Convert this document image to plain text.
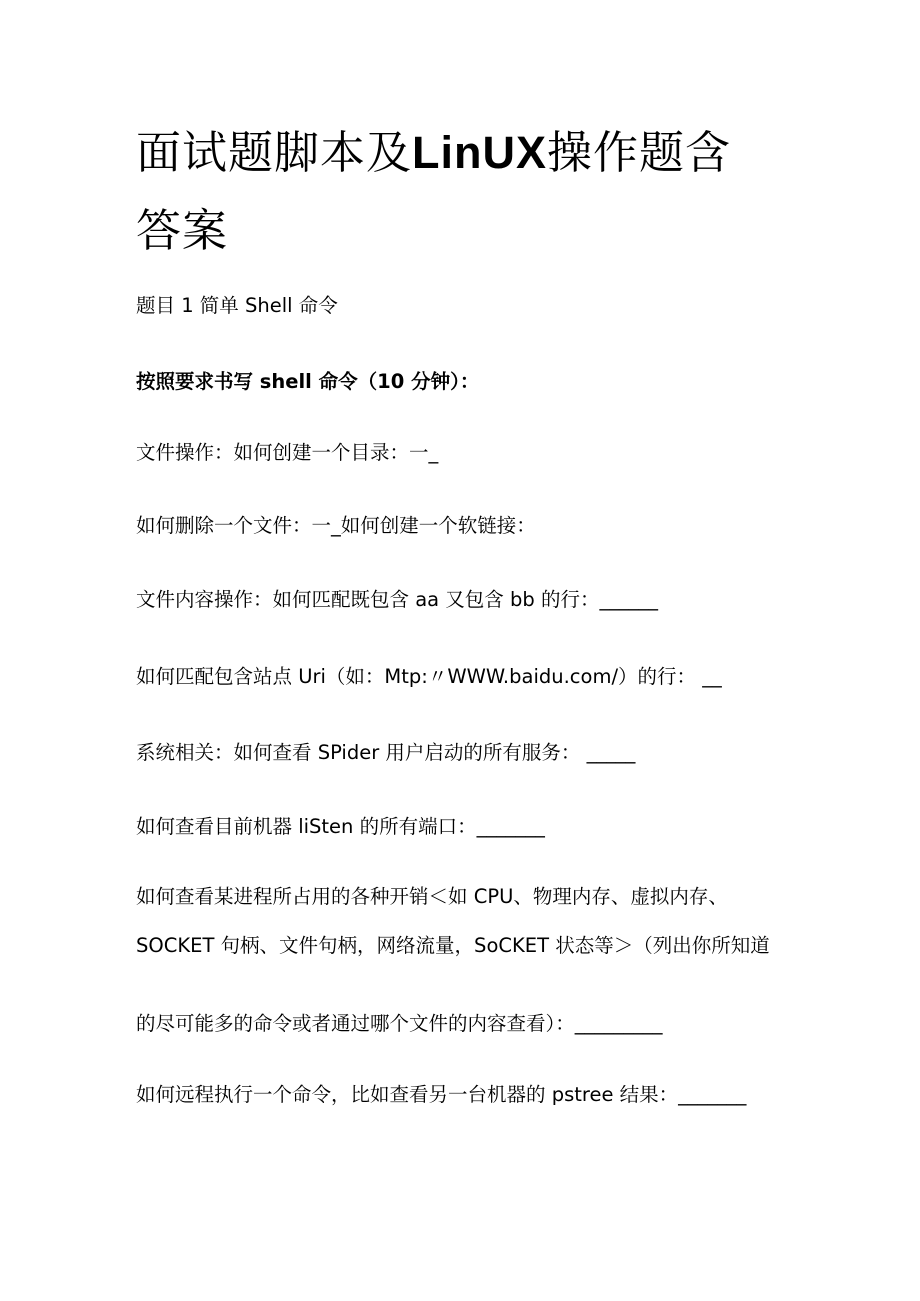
面试题脚本及LinUX操作题含答案
题目 1 简单 Shell 命令
按照要求书写 shell 命令（10 分钟）：
文件操作：如何创建一个目录：一_
如何删除一个文件：一_如何创建一个软链接：
文件内容操作：如何匹配既包含 aa 又包含 bb 的行：______
如何匹配包含站点 Uri（如：Mtp:〃WWW.baidu.com/）的行： __
系统相关：如何查看 SPider 用户启动的所有服务： _____
如何查看目前机器 liSten 的所有端口：_______
如何查看某进程所占用的各种开销＜如 CPU、物理内存、虚拟内存、
SOCKET 句柄、文件句柄，网络流量，SoCKET 状态等＞（列出你所知道
的尽可能多的命令或者通过哪个文件的内容查看）：_________
如何远程执行一个命令，比如查看另一台机器的 pstree 结果：_______
